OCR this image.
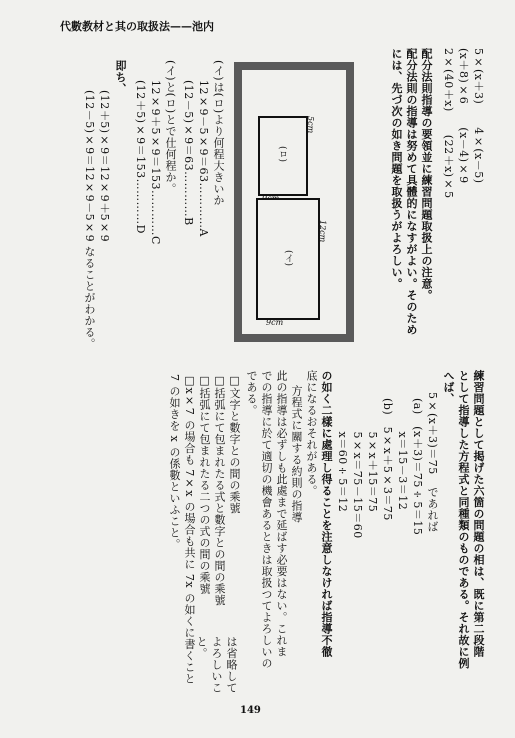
代數教材と其の取扱法——池内
練習問題として掲げた六箇の問題の相は、既に第二段階
として指導した方程式と同種類のものである。それ故に例
へば、
5×(x＋3)＝75　であれば
(a)　(x＋3)＝75÷5＝15
　x＝15－3＝12
(b)　5×x＋5×3＝75
　5×x＋15＝75
　5×x＝75－15＝60
　x＝60÷5＝12
の如く二樣に處理し得ることを注意しなければ指導不徹
底になるおそれがある。
方程式に關する約則の指導
此の指導は必ずしも此處まで延ばす必要はない。これま
での指導に於て適切の機會あるときは取扱つてよろしいの
である。
□文字と數字との間の乘號
□括弧にて包まれたる式と數字との間の乘號
□括弧にて包まれたる二つの式の間の乘號
□x×7 の場合も 7×x の場合も共に 7x の如くに書くこと
7 の如きを x の係數といふこと。
は省略して
よろしいこ
と。
5×(x＋3)　　4×(x－5)
(x＋8)×6　　(x－4)×9
2×(40＋x)　　(22＋x)×5
配分法則指導の要領並に練習問題取扱上の注意。
配分法則の指導は努めて具體的になすがよい。そのため
には、先づ次の如き問題を取扱うがよろしい。
(ロ)
5cm
(イ)
12cm
9cm
(イ)は(ロ)より何程大きいか
12×9－5×9＝63…………A
(12－5)×9＝63…………B
(イ)と(ロ)とで仕何程か。
12×9＋5×9＝153…………C
(12＋5)×9＝153…………D
即ち、
(12＋5)×9＝12×9＋5×9
(12－5)×9＝12×9－5×9 なることがわかる。
149
